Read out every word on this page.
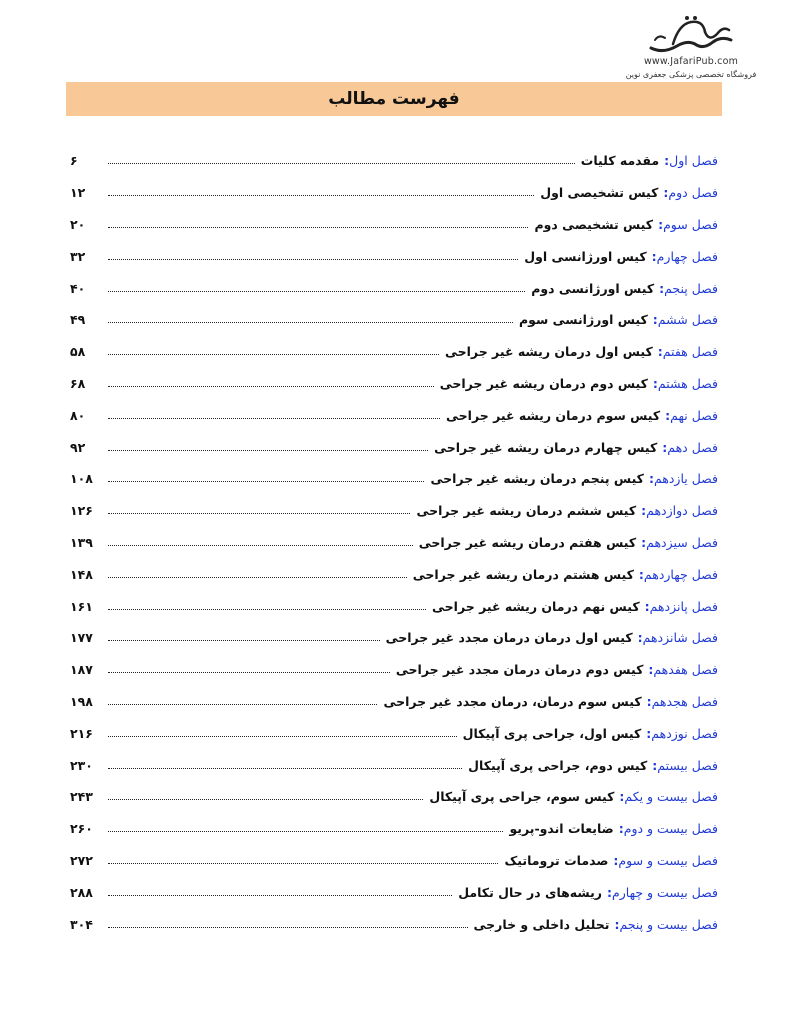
www.JafariPub.com
فروشگاه تخصصی پزشکی جعفری نوین
فهرست مطالب
فصل اول
:
مقدمه کلیات
۶
فصل دوم
:
کیس تشخیصی اول
۱۲
فصل سوم
:
کیس تشخیصی دوم
۲۰
فصل چهارم
:
کیس اورژانسی اول
۳۲
فصل پنجم
:
کیس اورژانسی دوم
۴۰
فصل ششم
:
کیس اورژانسی سوم
۴۹
فصل هفتم
:
کیس اول درمان ریشه غیر جراحی
۵۸
فصل هشتم
:
کیس دوم درمان ریشه غیر جراحی
۶۸
فصل نهم
:
کیس سوم درمان ریشه غیر جراحی
۸۰
فصل دهم
:
کیس چهارم درمان ریشه غیر جراحی
۹۲
فصل یازدهم
:
کیس پنجم درمان ریشه غیر جراحی
۱۰۸
فصل دوازدهم
:
کیس ششم درمان ریشه غیر جراحی
۱۲۶
فصل سیزدهم
:
کیس هفتم درمان ریشه غیر جراحی
۱۳۹
فصل چهاردهم
:
کیس هشتم درمان ریشه غیر جراحی
۱۴۸
فصل پانزدهم
:
کیس نهم درمان ریشه غیر جراحی
۱۶۱
فصل شانزدهم
:
کیس اول درمان درمان مجدد غیر جراحی
۱۷۷
فصل هفدهم
:
کیس دوم درمان درمان مجدد غیر جراحی
۱۸۷
فصل هجدهم
:
کیس سوم درمان، درمان مجدد غیر جراحی
۱۹۸
فصل نوزدهم
:
کیس اول، جراحی پری آپیکال
۲۱۶
فصل بیستم
:
کیس دوم، جراحی پری آپیکال
۲۳۰
فصل بیست و یکم
:
کیس سوم، جراحی پری آپیکال
۲۴۳
فصل بیست و دوم
:
ضایعات اندو-پریو
۲۶۰
فصل بیست و سوم
:
صدمات تروماتیک
۲۷۲
فصل بیست و چهارم
:
ریشه‌های در حال تکامل
۲۸۸
فصل بیست و پنجم
:
تحلیل داخلی و خارجی
۳۰۴
